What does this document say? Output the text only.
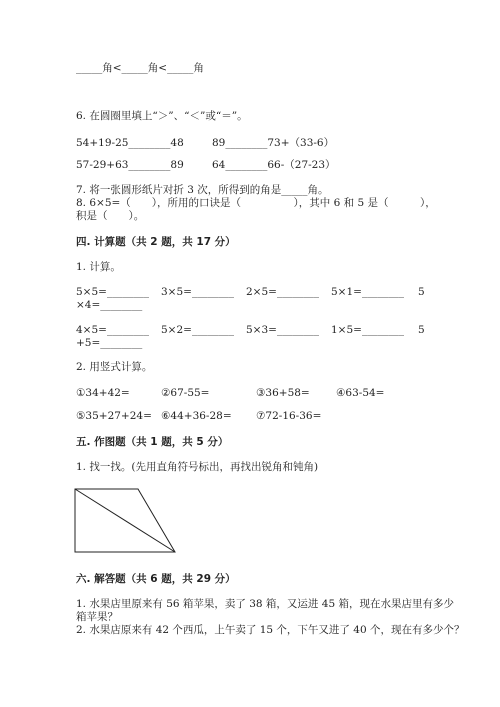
_____角<_____角<_____角
6. 在圆圈里填上“＞”、“＜”或“＝”。
54+19-25________48	89________73+（33-6）
57-29+63________89	64________66-（27-23）
7. 将一张圆形纸片对折 3 次，所得到的角是_____角。
8. 6×5=（　　），所用的口诀是（　　　　　），其中 6 和 5 是（　　　），
积是（　　）。
四. 计算题（共 2 题，共 17 分）
1. 计算。
5×5=________ 3×5=________ 2×5=________ 5×1=________ 5
×4=________
4×5=________ 5×2=________ 5×3=________ 1×5=________ 5
+5=________
2. 用竖式计算。
①34+42=	②67-55=	③36+58=	④63-54=
⑤35+27+24= ⑥44+36-28= ⑦72-16-36=
五. 作图题（共 1 题，共 5 分）
1. 找一找。(先用直角符号标出，再找出锐角和钝角)
六. 解答题（共 6 题，共 29 分）
1. 水果店里原来有 56 箱苹果，卖了 38 箱，又运进 45 箱，现在水果店里有多少
箱苹果？
2. 水果店原来有 42 个西瓜，上午卖了 15 个，下午又进了 40 个，现在有多少个？
